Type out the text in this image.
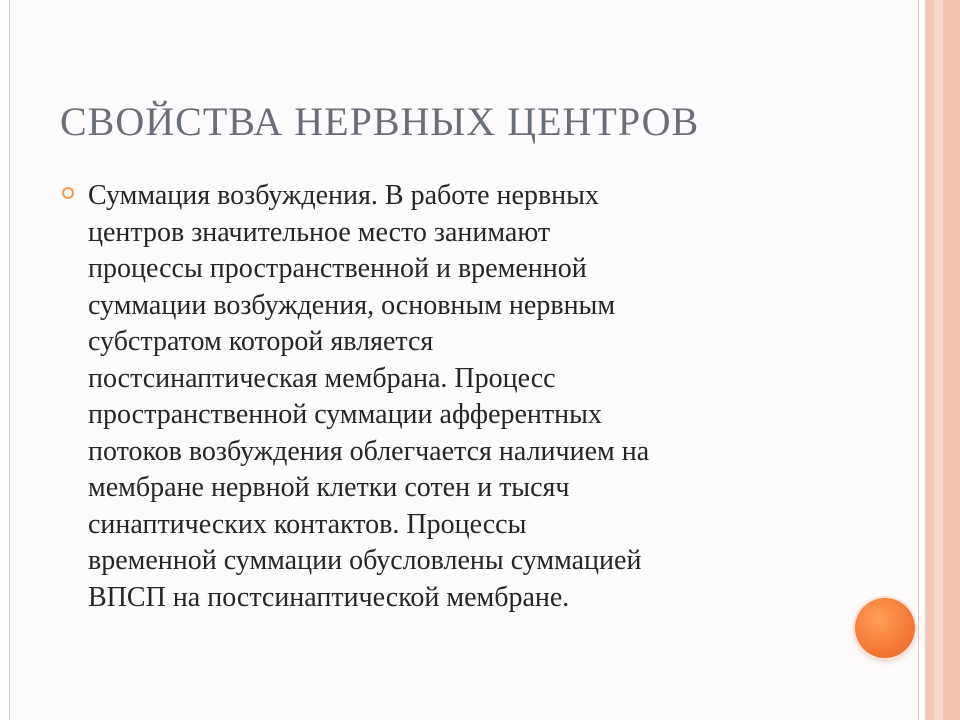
СВОЙСТВА НЕРВНЫХ ЦЕНТРОВ
Суммация возбуждения. В работе нервных
центров значительное место занимают
процессы пространственной и временной
суммации возбуждения, основным нервным
субстратом которой является
постсинаптическая мембрана. Процесс
пространственной суммации афферентных
потоков возбуждения облегчается наличием на
мембране нервной клетки сотен и тысяч
синаптических контактов. Процессы
временной суммации обусловлены суммацией
ВПСП на постсинаптической мембране.
